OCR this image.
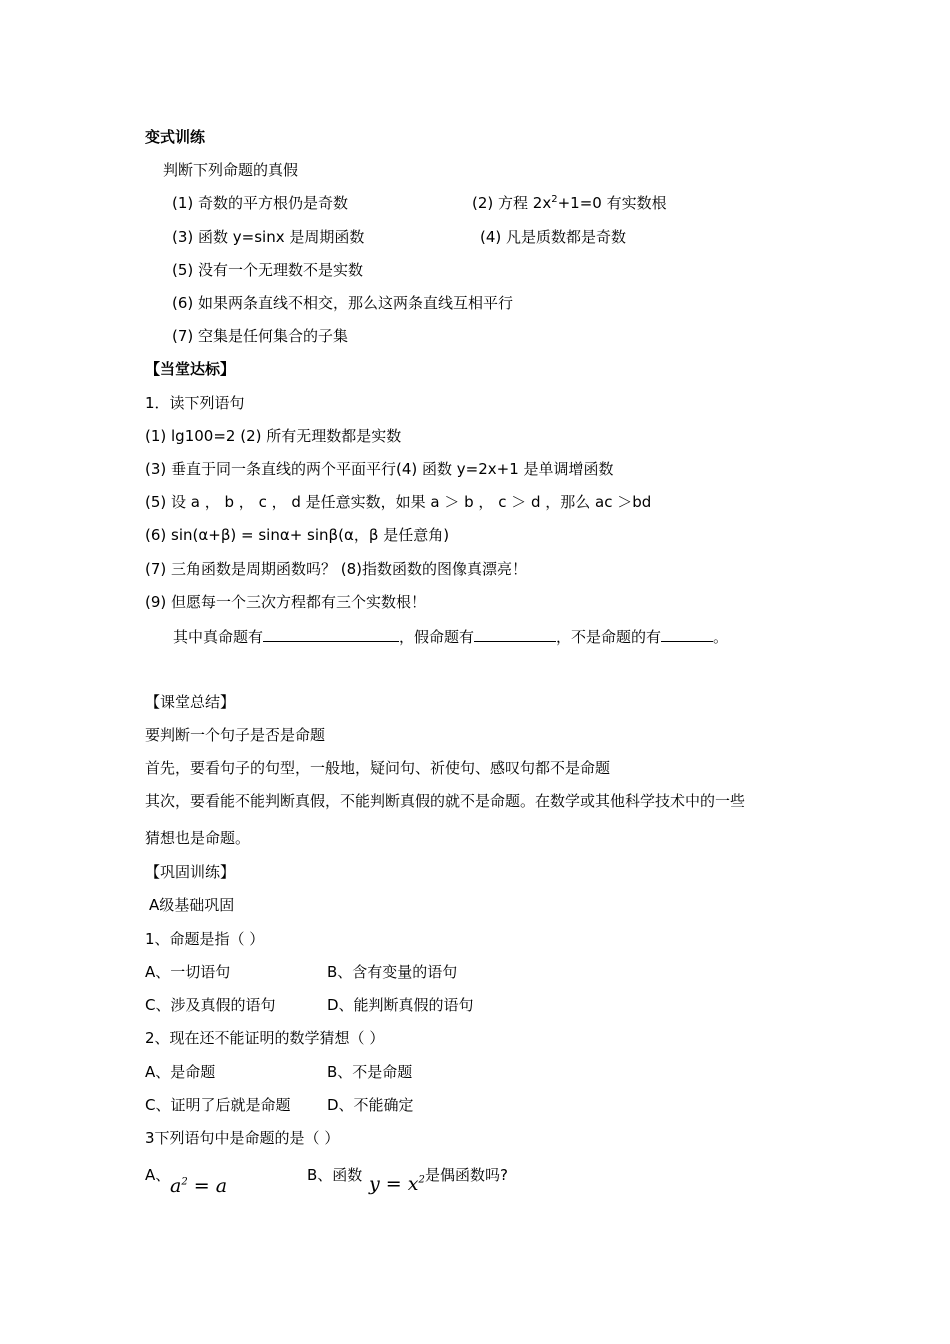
变式训练
判断下列命题的真假
(1) 奇数的平方根仍是奇数	(2) 方程 $2x^2+1=0$ 有实数根
(3) 函数 y=sinx 是周期函数	(4) 凡是质数都是奇数
(5) 没有一个无理数不是实数
(6) 如果两条直线不相交，那么这两条直线互相平行
(7) 空集是任何集合的子集
【当堂达标】
1．读下列语句
(1) lg100=2 (2) 所有无理数都是实数
(3) 垂直于同一条直线的两个平面平行(4) 函数 y=2x+1 是单调增函数
(5) 设 a ， b ， c ， d 是任意实数，如果 a ＞ b ， c ＞ d ，那么 ac ＞bd
(6) sin(α+β) = sinα+ sinβ(α，β 是任意角)
(7) 三角函数是周期函数吗？ (8)指数函数的图像真漂亮！
(9) 但愿每一个三次方程都有三个实数根！
其中真命题有	，假命题有	，不是命题的有	。
【课堂总结】
要判断一个句子是否是命题
首先，要看句子的句型，一般地，疑问句、祈使句、感叹句都不是命题
其次，要看能不能判断真假，不能判断真假的就不是命题。在数学或其他科学技术中的一些
猜想也是命题。
【巩固训练】
A级基础巩固
1、命题是指（ ）
A、一切语句	B、含有变量的语句
C、涉及真假的语句	D、能判断真假的语句
2、现在还不能证明的数学猜想（ ）
A、是命题	B、不是命题
C、证明了后就是命题 D、不能确定
3下列语句中是命题的是（ ）
A、 $a^2 = a$	B、函数 $y = x^2$ 是偶函数吗?
